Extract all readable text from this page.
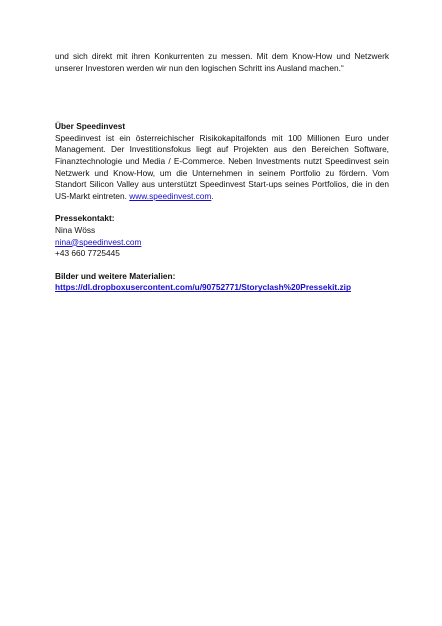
und sich direkt mit ihren Konkurrenten zu messen. Mit dem Know-How und Netzwerk unserer Investoren werden wir nun den logischen Schritt ins Ausland machen.“

Über Speedinvest

Speedinvest ist ein österreichischer Risikokapitalfonds mit 100 Millionen Euro under Management. Der Investitionsfokus liegt auf Projekten aus den Bereichen Software, Finanztechnologie und Media / E-Commerce. Neben Investments nutzt Speedinvest sein Netzwerk und Know-How, um die Unternehmen in seinem Portfolio zu fördern. Vom Standort Silicon Valley aus unterstützt Speedinvest Start-ups seines Portfolios, die in den US-Markt eintreten. www.speedinvest.com.

Pressekontakt:

Nina Wöss
nina@speedinvest.com
+43 660 7725445

Bilder und weitere Materialien:

https://dl.dropboxusercontent.com/u/90752771/Storyclash%20Pressekit.zip
